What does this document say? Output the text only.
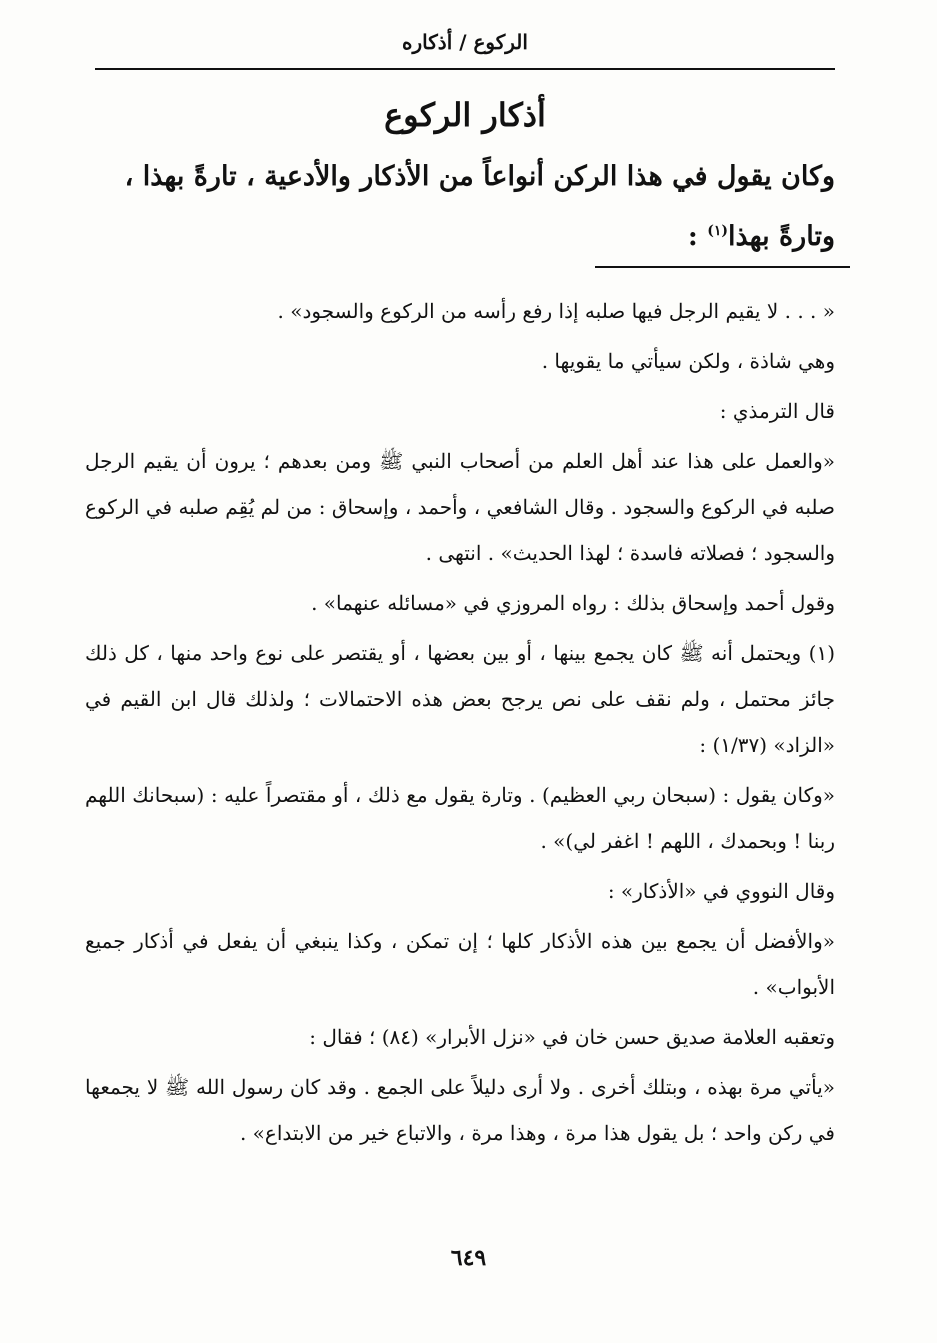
الركوع / أذكاره
أذكار الركوع
وكان يقول في هذا الركن أنواعاً من الأذكار والأدعية ، تارةً بهذا ،
وتارةً بهذا$^{(١)}$ :

« . . . لا يقيم الرجل فيها صلبه إذا رفع رأسه من الركوع والسجود» .

وهي شاذة ، ولكن سيأتي ما يقويها .

قال الترمذي :

«والعمل على هذا عند أهل العلم من أصحاب النبي ﷺ ومن بعدهم ؛ يرون أن يقيم الرجل صلبه في الركوع والسجود . وقال الشافعي ، وأحمد ، وإسحاق : من لم يُقِم صلبه في الركوع والسجود ؛ فصلاته فاسدة ؛ لهذا الحديث» . انتهى .

وقول أحمد وإسحاق بذلك : رواه المروزي في «مسائله عنهما» .

(١) ويحتمل أنه ﷺ كان يجمع بينها ، أو بين بعضها ، أو يقتصر على نوع واحد منها ، كل ذلك جائز محتمل ، ولم نقف على نص يرجح بعض هذه الاحتمالات ؛ ولذلك قال ابن القيم في «الزاد» (١/٣٧) :

«وكان يقول : (سبحان ربي العظيم) . وتارة يقول مع ذلك ، أو مقتصراً عليه : (سبحانك اللهم ربنا ! وبحمدك ، اللهم ! اغفر لي)» .

وقال النووي في «الأذكار» :

«والأفضل أن يجمع بين هذه الأذكار كلها ؛ إن تمكن ، وكذا ينبغي أن يفعل في أذكار جميع الأبواب» .

وتعقبه العلامة صديق حسن خان في «نزل الأبرار» (٨٤) ؛ فقال :

«يأتي مرة بهذه ، وبتلك أخرى . ولا أرى دليلاً على الجمع . وقد كان رسول الله ﷺ لا يجمعها في ركن واحد ؛ بل يقول هذا مرة ، وهذا مرة ، والاتباع خير من الابتداع» .

٦٤٩
